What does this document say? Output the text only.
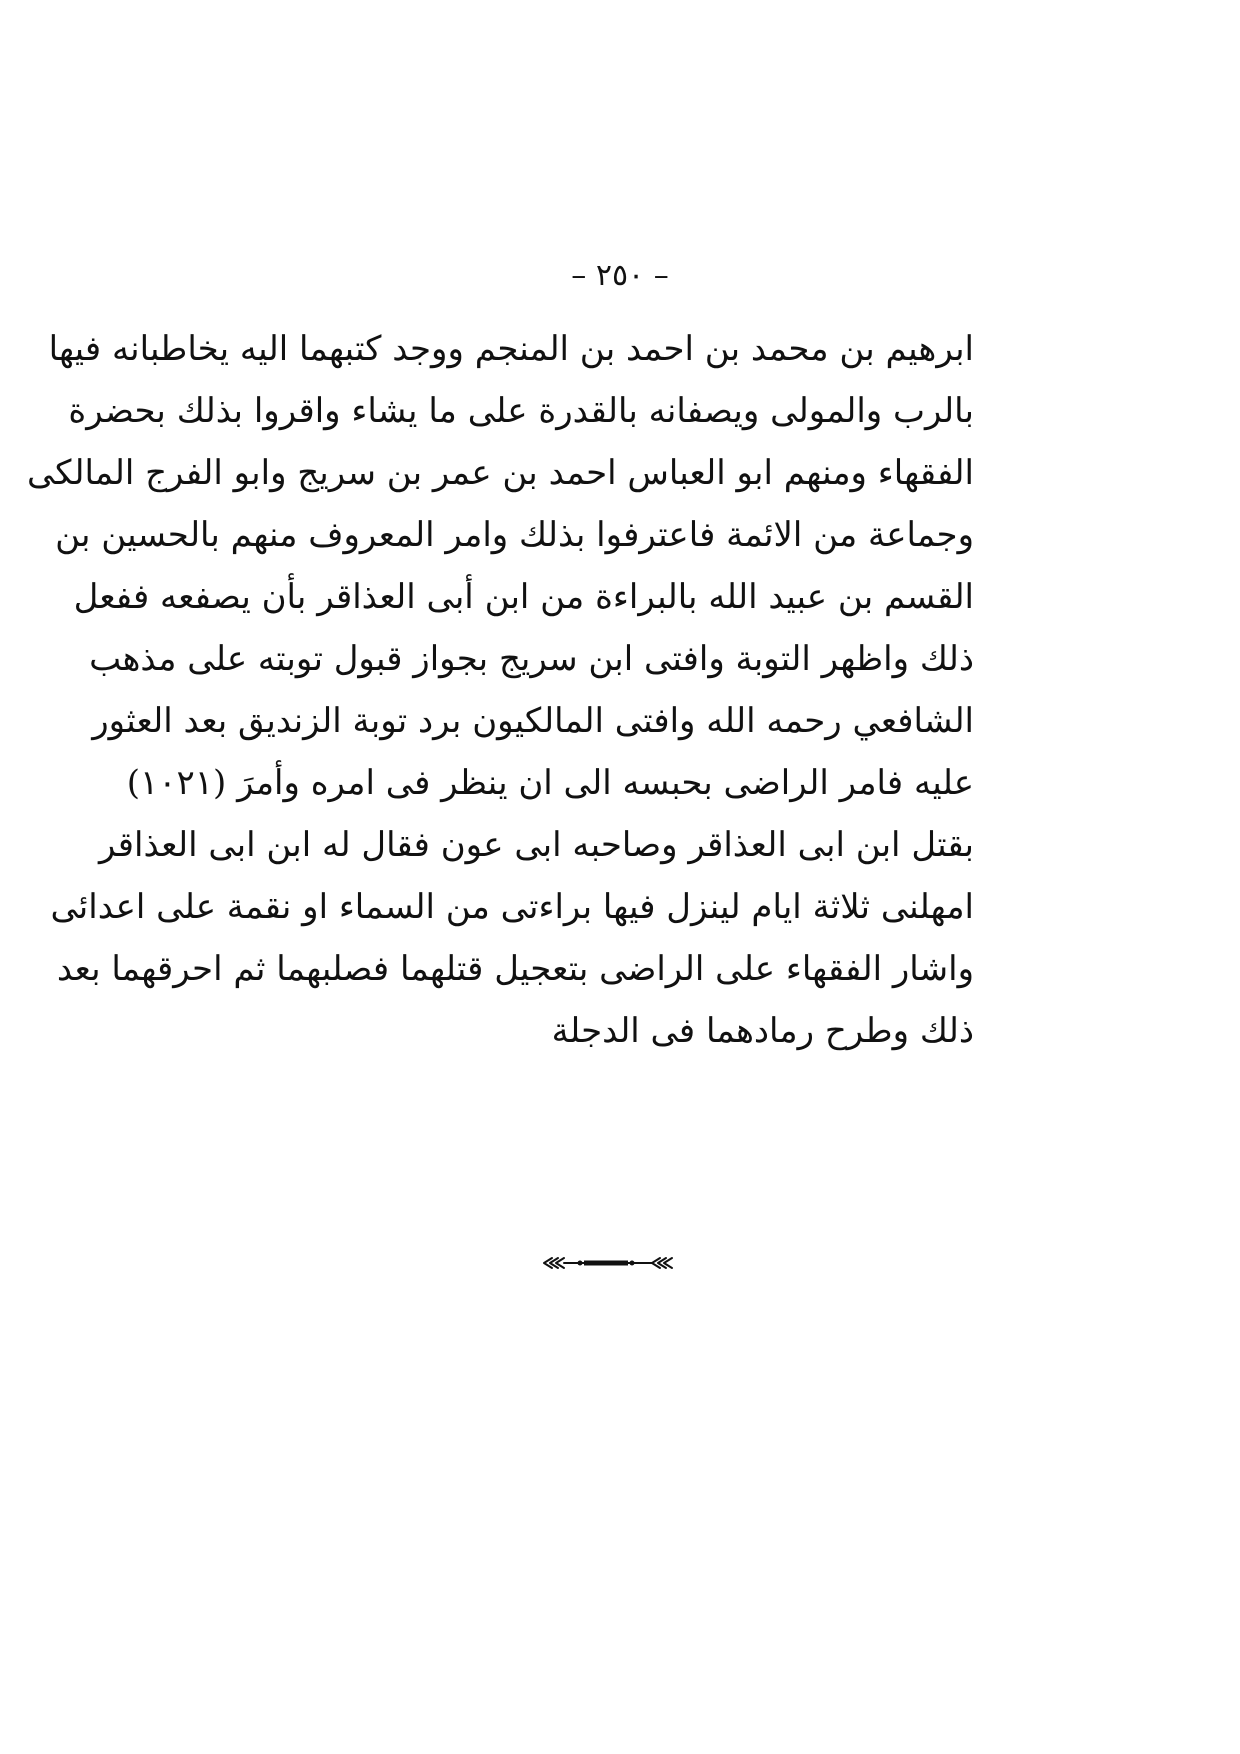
– ٢٥٠ –
ابرهيم بن محمد بن احمد بن المنجم ووجد كتبهما اليه يخاطبانه فيها
بالرب والمولى ويصفانه بالقدرة على ما يشاء واقروا بذلك بحضرة
الفقهاء ومنهم ابو العباس احمد بن عمر بن سريج وابو الفرج المالكى
وجماعة من الائمة فاعترفوا بذلك وامر المعروف منهم بالحسين بن
القسم بن عبيد الله بالبراءة من ابن أبى العذاقر بأن يصفعه ففعل
ذلك واظهر التوبة وافتى ابن سريج بجواز قبول توبته على مذهب
الشافعي رحمه الله وافتى المالكيون برد توبة الزنديق بعد العثور
عليه فامر الراضى بحبسه الى ان ينظر فى امره وأمرَ (١٠٢١)
بقتل ابن ابى العذاقر وصاحبه ابى عون فقال له ابن ابى العذاقر
امهلنى ثلاثة ايام لينزل فيها براءتى من السماء او نقمة على اعدائى
واشار الفقهاء على الراضى بتعجيل قتلهما فصلبهما ثم احرقهما بعد
ذلك وطرح رمادهما فى الدجلة
